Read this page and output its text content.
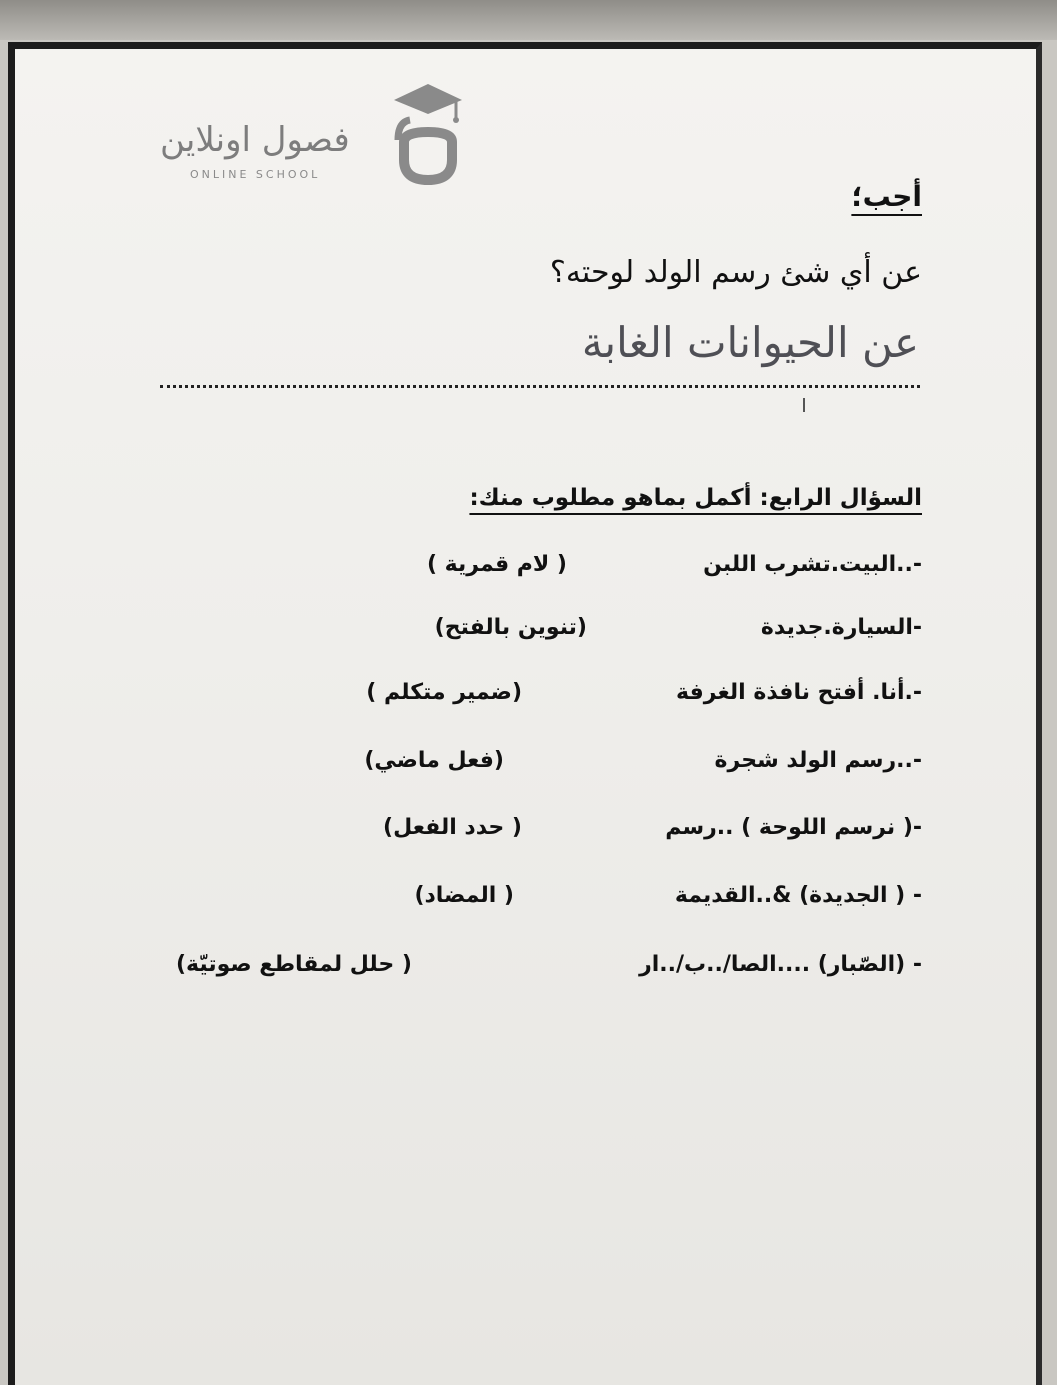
فصول اونلاين
ONLINE SCHOOL
أجب؛
عن أي شئ رسم الولد لوحته؟
عن الحيوانات الغابة
السؤال الرابع: أكمل بماهو مطلوب منك:
-..البيت.تشرب اللبن
( لام قمرية )
-السيارة.جديدة
(تنوين بالفتح)
-.أنا. أفتح نافذة الغرفة
(ضمير متكلم )
-..رسم الولد شجرة
(فعل ماضي)
-( نرسم اللوحة ) ..رسم
( حدد الفعل)
- ( الجديدة) &..القديمة
( المضاد)
- (الصّبار) ....الصا/..ب/..ار
( حلل لمقاطع صوتيّة)
